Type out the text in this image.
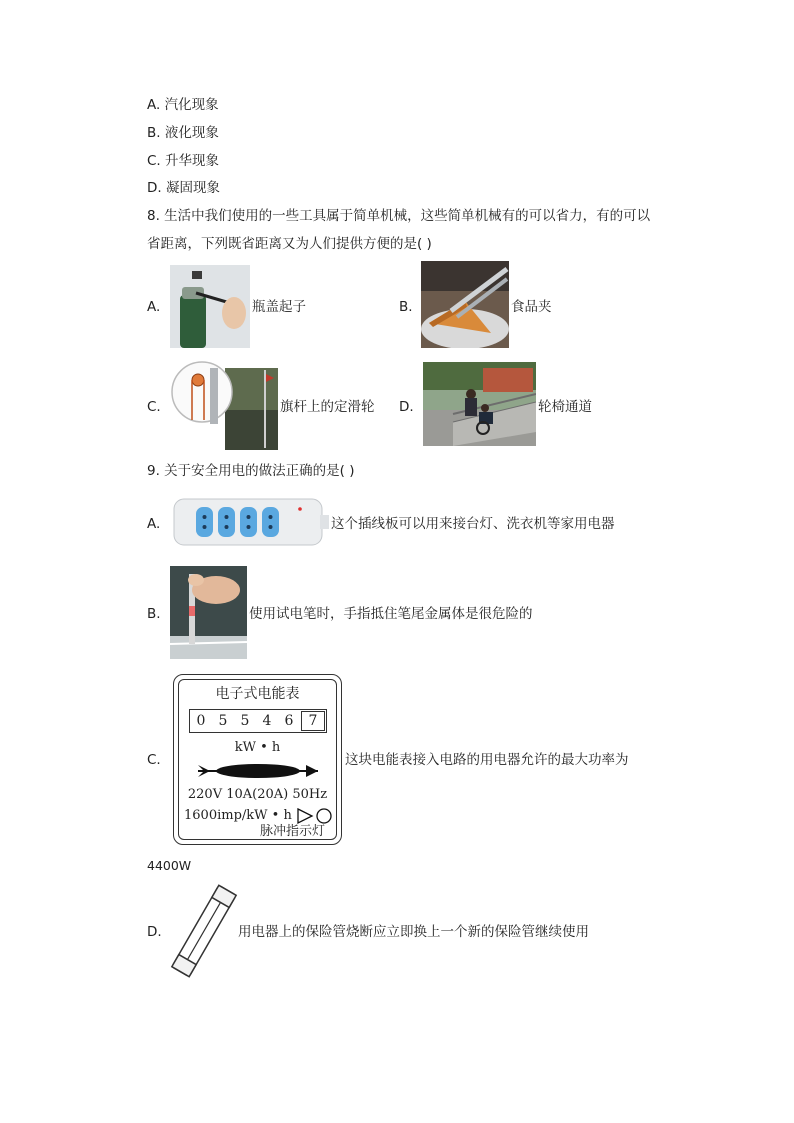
A. 汽化现象
B. 液化现象
C. 升华现象
D. 凝固现象
8. 生活中我们使用的一些工具属于简单机械，这些简单机械有的可以省力，有的可以
省距离，下列既省距离又为人们提供方便的是( )
A.	瓶盖起子	B.	食品夹
C.	旗杆上的定滑轮 D.	轮椅通道
9. 关于安全用电的做法正确的是( )
A.	这个插线板可以用来接台灯、洗衣机等家用电器
B.	使用试电笔时，手指抵住笔尾金属体是很危险的
C.
电子式电能表
0 5 5 4 6	7
kW • h
220V 10A(20A) 50Hz
1600imp/kW • h
脉冲指示灯
这块电能表接入电路的用电器允许的最大功率为
4400W
D.	用电器上的保险管烧断应立即换上一个新的保险管继续使用
